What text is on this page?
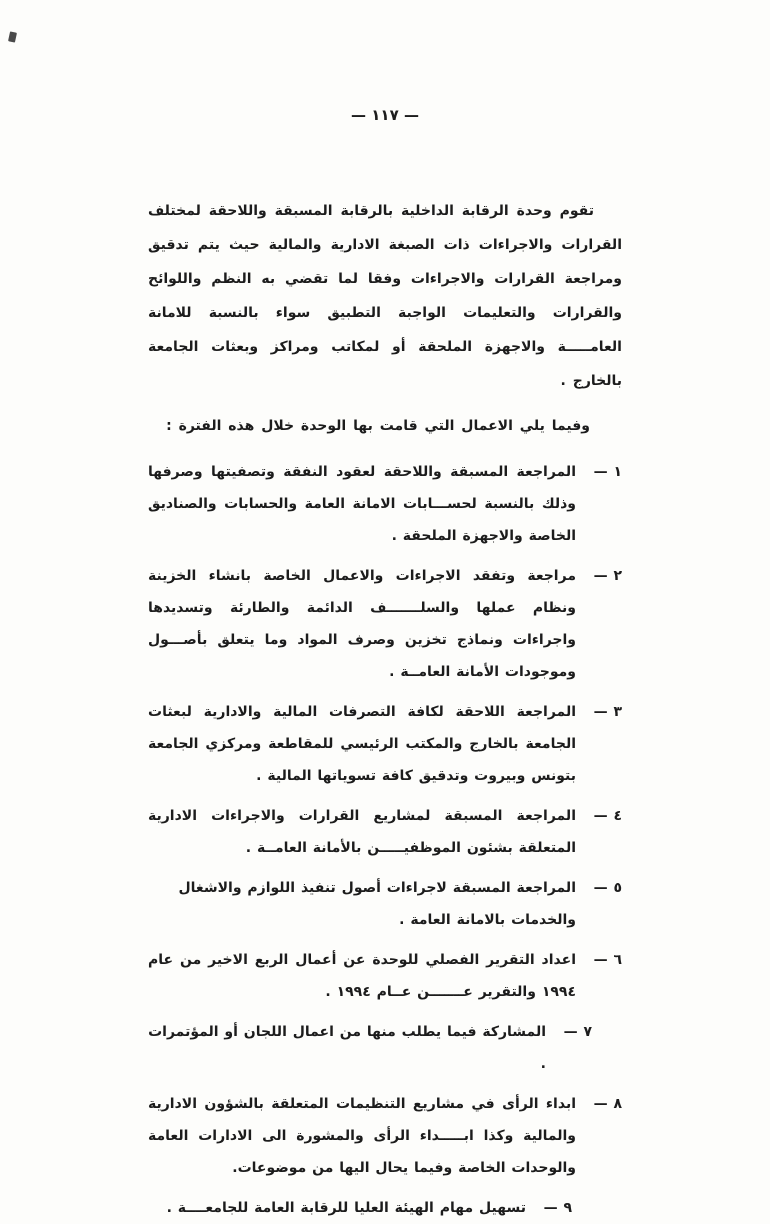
— ١١٧ —

تقوم وحدة الرقابة الداخلية بالرقابة المسبقة واللاحقة لمختلف القرارات والاجراءات ذات الصبغة الادارية والمالية حيث يتم تدقيق ومراجعة القرارات والاجراءات وفقا لما تقضي به النظم واللوائح والقرارات والتعليمات الواجبة التطبيق سواء بالنسبة للامانة العامـــــة والاجهزة الملحقة أو لمكاتب ومراكز وبعثات الجامعة بالخارج .

وفيما يلي الاعمال التي قامت بها الوحدة خلال هذه الفترة :

١ —
المراجعة المسبقة واللاحقة لعقود النفقة وتصفيتها وصرفها وذلك بالنسبة لحســـابات الامانة العامة والحسابات والصناديق الخاصة والاجهزة الملحقة .
٢ —
مراجعة وتفقد الاجراءات والاعمال الخاصة بانشاء الخزينة ونظام عملها والسلـــــــف الدائمة والطارئة وتسديدها واجراءات ونماذج تخزين وصرف المواد وما يتعلق بأصـــول وموجودات الأمانة العامــة .
٣ —
المراجعة اللاحقة لكافة التصرفات المالية والادارية لبعثات الجامعة بالخارج والمكتب الرئيسي للمقاطعة ومركزي الجامعة بتونس وبيروت وتدقيق كافة تسوياتها المالية .
٤ —
المراجعة المسبقة لمشاريع القرارات والاجراءات الادارية المتعلقة بشئون الموظفيـــــن بالأمانة العامــة .
٥ —
المراجعة المسبقة لاجراءات أصول تنفيذ اللوازم والاشغال والخدمات بالامانة العامة .
٦ —
اعداد التقرير الفصلي للوحدة عن أعمال الربع الاخير من عام ١٩٩٤ والتقرير عـــــــن عــام ١٩٩٤ .
٧ —
المشاركة فيما يطلب منها من اعمال اللجان أو المؤتمرات .
٨ —
ابداء الرأى في مشاريع التنظيمات المتعلقة بالشؤون الادارية والمالية وكذا ابـــــداء الرأى والمشورة الى الادارات العامة والوحدات الخاصة وفيما يحال اليها من موضوعات.
٩ —
تسهيل مهام الهيئة العليا للرقابة العامة للجامعــــة .
